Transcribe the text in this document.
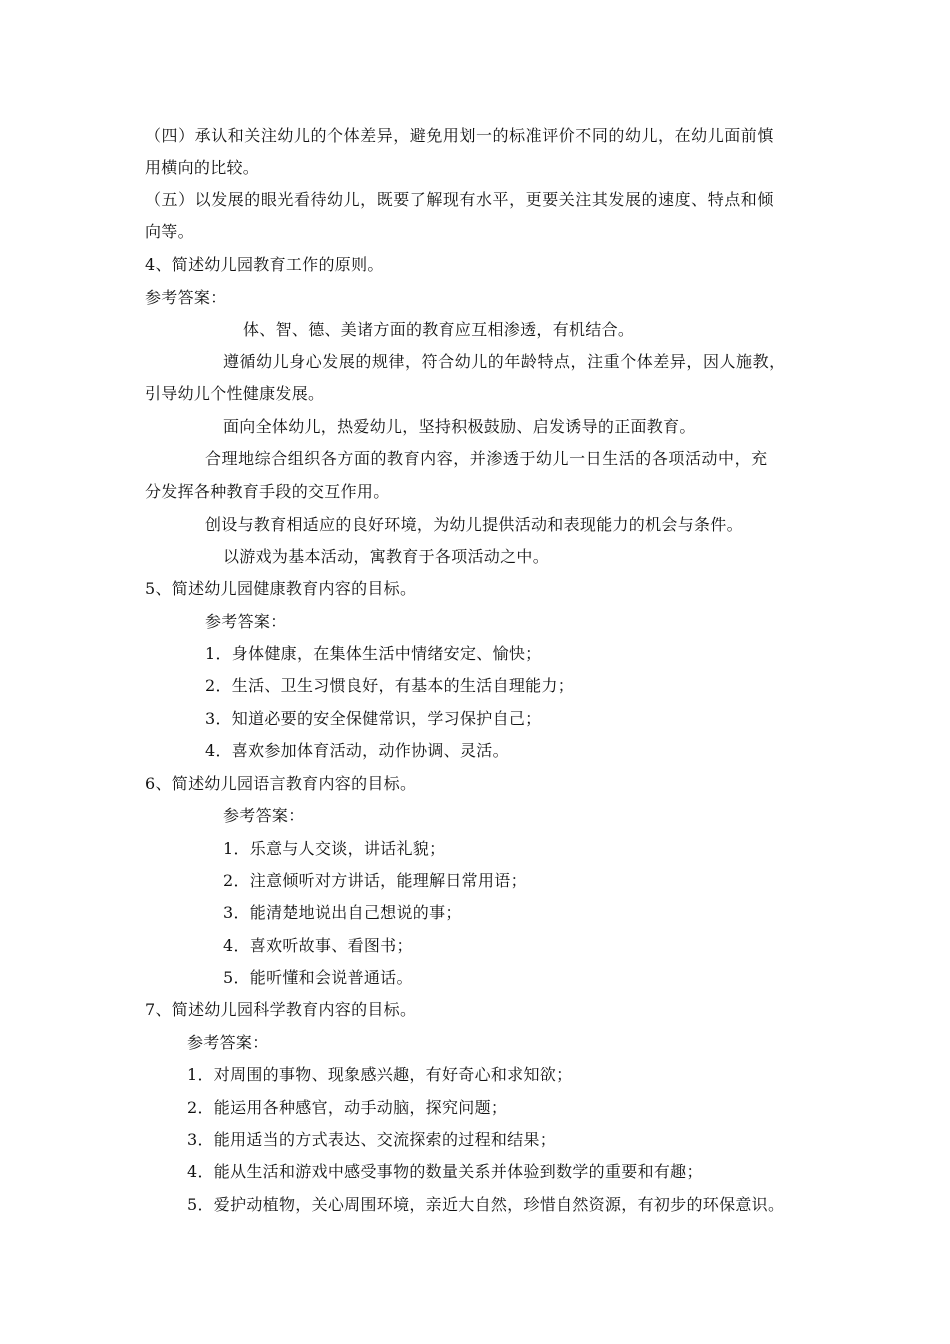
（四）承认和关注幼儿的个体差异，避免用划一的标准评价不同的幼儿，在幼儿面前慎
用横向的比较。
（五）以发展的眼光看待幼儿，既要了解现有水平，更要关注其发展的速度、特点和倾
向等。
4、简述幼儿园教育工作的原则。
参考答案：
体、智、德、美诸方面的教育应互相渗透，有机结合。
遵循幼儿身心发展的规律，符合幼儿的年龄特点，注重个体差异，因人施教，
引导幼儿个性健康发展。
面向全体幼儿，热爱幼儿，坚持积极鼓励、启发诱导的正面教育。
合理地综合组织各方面的教育内容，并渗透于幼儿一日生活的各项活动中，充
分发挥各种教育手段的交互作用。
创设与教育相适应的良好环境，为幼儿提供活动和表现能力的机会与条件。
以游戏为基本活动，寓教育于各项活动之中。
5、简述幼儿园健康教育内容的目标。
参考答案：
1．身体健康，在集体生活中情绪安定、愉快；
2．生活、卫生习惯良好，有基本的生活自理能力；
3．知道必要的安全保健常识，学习保护自己；
4．喜欢参加体育活动，动作协调、灵活。
6、简述幼儿园语言教育内容的目标。
参考答案：
1．乐意与人交谈，讲话礼貌；
2．注意倾听对方讲话，能理解日常用语；
3．能清楚地说出自己想说的事；
4．喜欢听故事、看图书；
5．能听懂和会说普通话。
7、简述幼儿园科学教育内容的目标。
参考答案：
1．对周围的事物、现象感兴趣，有好奇心和求知欲；
2．能运用各种感官，动手动脑，探究问题；
3．能用适当的方式表达、交流探索的过程和结果；
4．能从生活和游戏中感受事物的数量关系并体验到数学的重要和有趣；
5．爱护动植物，关心周围环境，亲近大自然，珍惜自然资源，有初步的环保意识。
